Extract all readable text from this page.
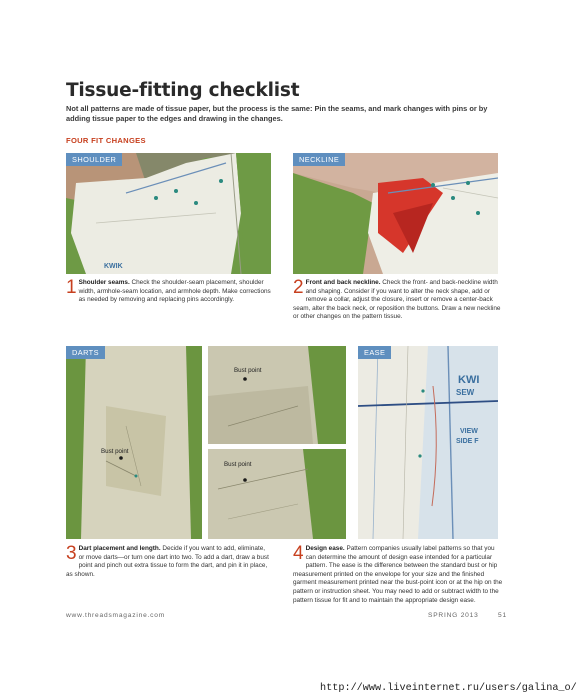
Tissue-fitting checklist
Not all patterns are made of tissue paper, but the process is the same: Pin the seams, and mark changes with pins or by adding tissue paper to the edges and drawing in the changes.
FOUR FIT CHANGES
SHOULDER
KWIK
NECKLINE
1 Shoulder seams. Check the shoulder-seam placement, shoulder width, armhole-seam location, and armhole depth. Make corrections as needed by removing and replacing pins accordingly.
2 Front and back neckline. Check the front- and back-neckline width and shaping. Consider if you want to alter the neck shape, add or remove a collar, adjust the closure, insert or remove a center-back seam, alter the back neck, or reposition the buttons. Draw a new neckline or other changes on the pattern tissue.
DARTS
Bust point
Bust point
Bust point
EASE
KWI
SEW
VIEW
SIDE F
3 Dart placement and length. Decide if you want to add, eliminate, or move darts—or turn one dart into two. To add a dart, draw a bust point and pinch out extra tissue to form the dart, and pin it in place, as shown.
4 Design ease. Pattern companies usually label patterns so that you can determine the amount of design ease intended for a particular pattern. The ease is the difference between the standard bust or hip measurement printed on the envelope for your size and the finished garment measurement printed near the bust-point icon or at the hip on the pattern or instruction sheet. You may need to add or subtract width to the pattern tissue for fit and to maintain the appropriate design ease.
www.threadsmagazine.com	SPRING 2013	51
http://www.liveinternet.ru/users/galina_o/
